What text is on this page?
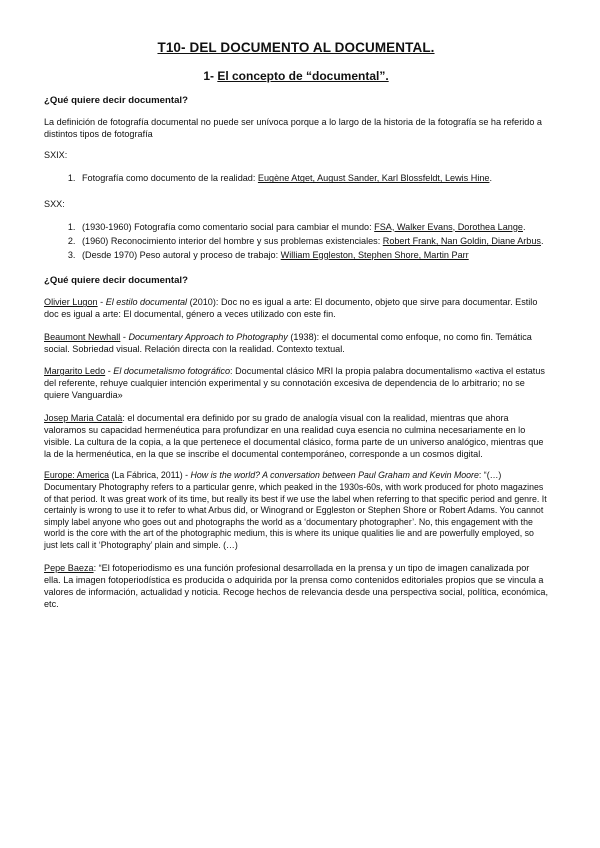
T10- DEL DOCUMENTO AL DOCUMENTAL.
1- El concepto de “documental”.
¿Qué quiere decir documental?

La definición de fotografía documental no puede ser unívoca porque a lo largo de la historia de la fotografía se ha referido a distintos tipos de fotografía

SXIX:
1. Fotografía como documento de la realidad: Eugène Atget, August Sander, Karl Blossfeldt, Lewis Hine.
SXX:
1. (1930-1960) Fotografía como comentario social para cambiar el mundo: FSA, Walker Evans, Dorothea Lange.
2. (1960) Reconocimiento interior del hombre y sus problemas existenciales: Robert Frank, Nan Goldin, Diane Arbus.
3. (Desde 1970) Peso autoral y proceso de trabajo: William Eggleston, Stephen Shore, Martin Parr
¿Qué quiere decir documental?

Olivier Lugon - El estilo documental (2010): Doc no es igual a arte: El documento, objeto que sirve para documentar. Estilo doc es igual a arte: El documental, género a veces utilizado con este fin.

Beaumont Newhall - Documentary Approach to Photography (1938): el documental como enfoque, no como fin. Temática social. Sobriedad visual. Relación directa con la realidad. Contexto textual.

Margarito Ledo - El documetalismo fotográfico: Documental clásico MRI la propia palabra documentalismo «activa el estatus del referente, rehuye cualquier intención experimental y su connotación excesiva de dependencia de lo arbitrario; no se quiere Vanguardia»

Josep Maria Català: el documental era definido por su grado de analogía visual con la realidad, mientras que ahora valoramos su capacidad hermenéutica para profundizar en una realidad cuya esencia no culmina necesariamente en lo visible. La cultura de la copia, a la que pertenece el documental clásico, forma parte de un universo analógico, mientras que la de la hermenéutica, en la que se inscribe el documental contemporáneo, corresponde a un cosmos digital.

Europe: America (La Fábrica, 2011) - How is the world? A conversation between Paul Graham and Kevin Moore: “(…) Documentary Photography refers to a particular genre, which peaked in the 1930s-60s, with work produced for photo magazines of that period. It was great work of its time, but really its best if we use the label when referring to that specific period and genre. It certainly is wrong to use it to refer to what Arbus did, or Winogrand or Eggleston or Stephen Shore or Robert Adams. You cannot simply label anyone who goes out and photographs the world as a ‘documentary photographer’. No, this engagement with the world is the core with the art of the photographic medium, this is where its unique qualities lie and are powerfully employed, so just lets call it ‘Photography’ plain and simple. (…)

Pepe Baeza: “El fotoperiodismo es una función profesional desarrollada en la prensa y un tipo de imagen canalizada por ella. La imagen fotoperiodística es producida o adquirida por la prensa como contenidos editoriales propios que se vincula a valores de información, actualidad y noticia. Recoge hechos de relevancia desde una perspectiva social, política, económica, etc.
